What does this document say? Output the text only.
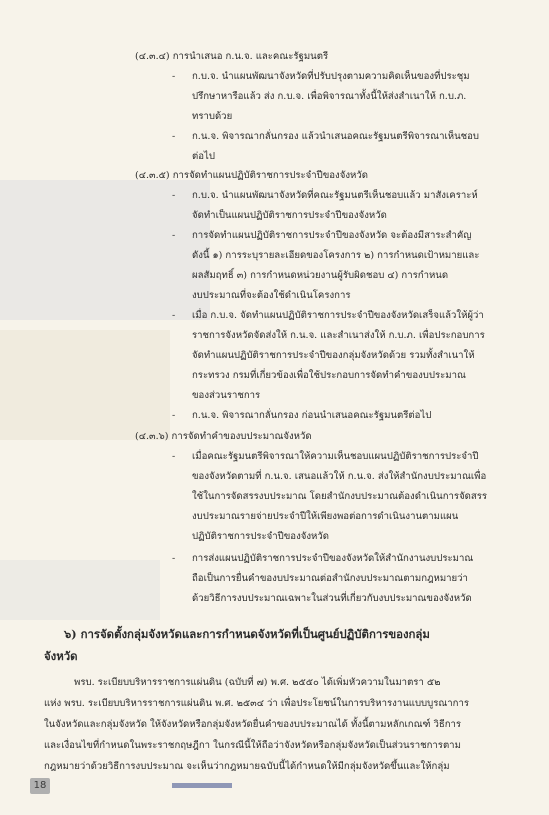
(๔.๓.๔) การนำเสนอ ก.น.จ. และคณะรัฐมนตรี
- ก.บ.จ. นำแผนพัฒนาจังหวัดที่ปรับปรุงตามความคิดเห็นของที่ประชุม
ปรึกษาหารือแล้ว ส่ง ก.บ.จ. เพื่อพิจารณาทั้งนี้ให้ส่งสำเนาให้ ก.บ.ภ.
ทราบด้วย
- ก.น.จ. พิจารณากลั่นกรอง แล้วนำเสนอคณะรัฐมนตรีพิจารณาเห็นชอบ
ต่อไป
(๔.๓.๕) การจัดทำแผนปฏิบัติราชการประจำปีของจังหวัด
- ก.บ.จ. นำแผนพัฒนาจังหวัดที่คณะรัฐมนตรีเห็นชอบแล้ว มาสังเคราะห์
จัดทำเป็นแผนปฏิบัติราชการประจำปีของจังหวัด
- การจัดทำแผนปฏิบัติราชการประจำปีของจังหวัด จะต้องมีสาระสำคัญ
ดังนี้ ๑) การระบุรายละเอียดของโครงการ ๒) การกำหนดเป้าหมายและ
ผลสัมฤทธิ์ ๓) การกำหนดหน่วยงานผู้รับผิดชอบ ๔) การกำหนด
งบประมาณที่จะต้องใช้ดำเนินโครงการ
- เมื่อ ก.บ.จ. จัดทำแผนปฏิบัติราชการประจำปีของจังหวัดเสร็จแล้วให้ผู้ว่า
ราชการจังหวัดจัดส่งให้ ก.น.จ. และสำเนาส่งให้ ก.บ.ภ. เพื่อประกอบการ
จัดทำแผนปฏิบัติราชการประจำปีของกลุ่มจังหวัดด้วย รวมทั้งสำเนาให้
กระทรวง กรมที่เกี่ยวข้องเพื่อใช้ประกอบการจัดทำคำของบประมาณ
ของส่วนราชการ
- ก.น.จ. พิจารณากลั่นกรอง ก่อนนำเสนอคณะรัฐมนตรีต่อไป
(๔.๓.๖) การจัดทำคำของบประมาณจังหวัด
- เมื่อคณะรัฐมนตรีพิจารณาให้ความเห็นชอบแผนปฏิบัติราชการประจำปี
ของจังหวัดตามที่ ก.น.จ. เสนอแล้วให้ ก.น.จ. ส่งให้สำนักงบประมาณเพื่อ
ใช้ในการจัดสรรงบประมาณ โดยสำนักงบประมาณต้องดำเนินการจัดสรร
งบประมาณรายจ่ายประจำปีให้เพียงพอต่อการดำเนินงานตามแผน
ปฏิบัติราชการประจำปีของจังหวัด
- การส่งแผนปฏิบัติราชการประจำปีของจังหวัดให้สำนักงานงบประมาณ
ถือเป็นการยื่นคำของบประมาณต่อสำนักงบประมาณตามกฎหมายว่า
ด้วยวิธีการงบประมาณเฉพาะในส่วนที่เกี่ยวกับงบประมาณของจังหวัด
๖) การจัดตั้งกลุ่มจังหวัดและการกำหนดจังหวัดที่เป็นศูนย์ปฏิบัติการของกลุ่ม
จังหวัด
พรบ. ระเบียบบริหารราชการแผ่นดิน (ฉบับที่ ๗) พ.ศ. ๒๕๕๐ ได้เพิ่มหัวความในมาตรา ๕๒
แห่ง พรบ. ระเบียบบริหารราชการแผ่นดิน พ.ศ. ๒๕๓๔ ว่า เพื่อประโยชน์ในการบริหารงานแบบบูรณาการ
ในจังหวัดและกลุ่มจังหวัด ให้จังหวัดหรือกลุ่มจังหวัดยื่นคำของบประมาณได้ ทั้งนี้ตามหลักเกณฑ์ วิธีการ
และเงื่อนไขที่กำหนดในพระราชกฤษฎีกา ในกรณีนี้ให้ถือว่าจังหวัดหรือกลุ่มจังหวัดเป็นส่วนราชการตาม
กฎหมายว่าด้วยวิธีการงบประมาณ จะเห็นว่ากฎหมายฉบับนี้ได้กำหนดให้มีกลุ่มจังหวัดขึ้นและให้กลุ่ม
18
